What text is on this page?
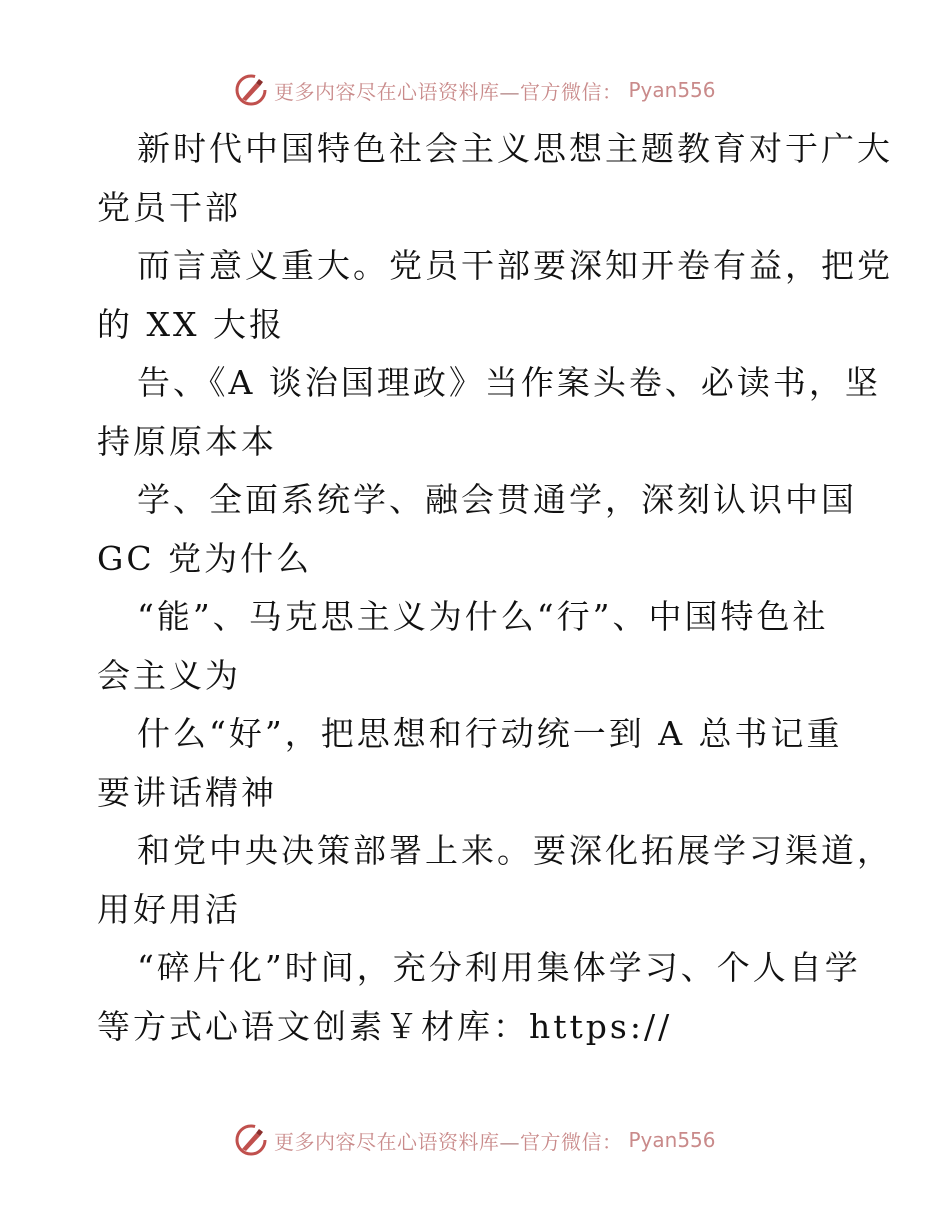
更多内容尽在心语资料库—官方微信： Pyan556
新时代中国特色社会主义思想主题教育对于广大
党员干部
而言意义重大。党员干部要深知开卷有益，把党
的 XX 大报
告、《A 谈治国理政》当作案头卷、必读书，坚
持原原本本
学、全面系统学、融会贯通学，深刻认识中国
GC 党为什么
“能”、马克思主义为什么“行”、中国特色社
会主义为
什么“好”，把思想和行动统一到 A 总书记重
要讲话精神
和党中央决策部署上来。要深化拓展学习渠道，
用好用活
“碎片化”时间，充分利用集体学习、个人自学
等方式心语文创素￥材库：https://
更多内容尽在心语资料库—官方微信： Pyan556
